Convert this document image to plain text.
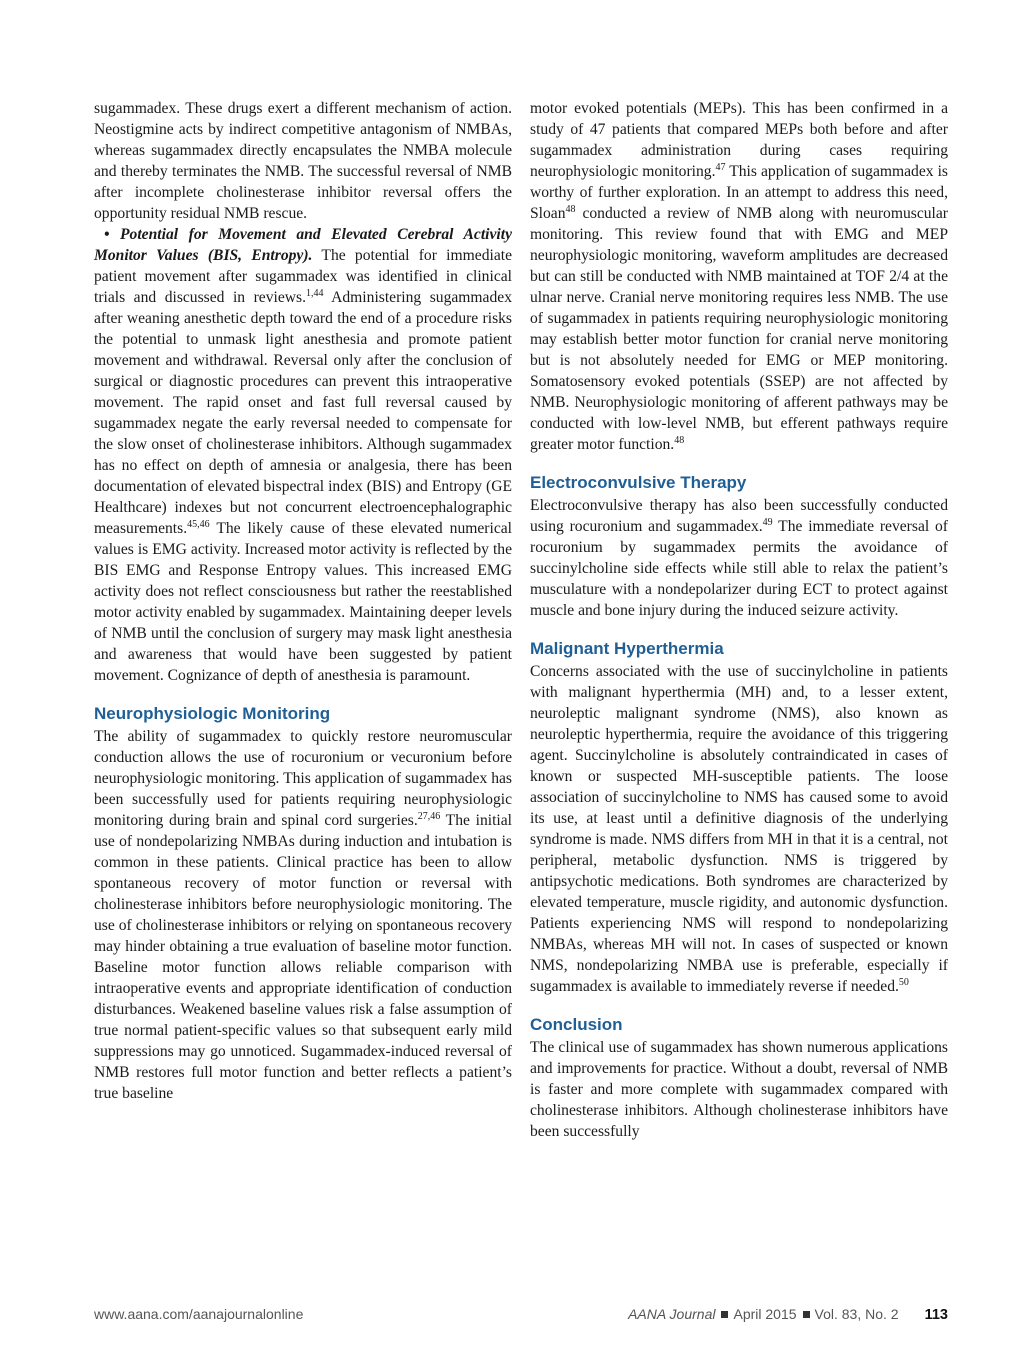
sugammadex. These drugs exert a different mechanism of action. Neostigmine acts by indirect competitive antagonism of NMBAs, whereas sugammadex directly encapsulates the NMBA molecule and thereby terminates the NMB. The successful reversal of NMB after incomplete cholinesterase inhibitor reversal offers the opportunity residual NMB rescue.

• Potential for Movement and Elevated Cerebral Activity Monitor Values (BIS, Entropy). The potential for immediate patient movement after sugammadex was identified in clinical trials and discussed in reviews.$^{1,44}$ Administering sugammadex after weaning anesthetic depth toward the end of a procedure risks the potential to unmask light anesthesia and promote patient movement and withdrawal. Reversal only after the conclusion of surgical or diagnostic procedures can prevent this intraoperative movement. The rapid onset and fast full reversal caused by sugammadex negate the early reversal needed to compensate for the slow onset of cholinesterase inhibitors. Although sugammadex has no effect on depth of amnesia or analgesia, there has been documentation of elevated bispectral index (BIS) and Entropy (GE Healthcare) indexes but not concurrent electroencephalographic measurements.$^{45,46}$ The likely cause of these elevated numerical values is EMG activity. Increased motor activity is reflected by the BIS EMG and Response Entropy values. This increased EMG activity does not reflect consciousness but rather the reestablished motor activity enabled by sugammadex. Maintaining deeper levels of NMB until the conclusion of surgery may mask light anesthesia and awareness that would have been suggested by patient movement. Cognizance of depth of anesthesia is paramount.

Neurophysiologic Monitoring

The ability of sugammadex to quickly restore neuromuscular conduction allows the use of rocuronium or vecuronium before neurophysiologic monitoring. This application of sugammadex has been successfully used for patients requiring neurophysiologic monitoring during brain and spinal cord surgeries.$^{27,46}$ The initial use of nondepolarizing NMBAs during induction and intubation is common in these patients. Clinical practice has been to allow spontaneous recovery of motor function or reversal with cholinesterase inhibitors before neurophysiologic monitoring. The use of cholinesterase inhibitors or relying on spontaneous recovery may hinder obtaining a true evaluation of baseline motor function. Baseline motor function allows reliable comparison with intraoperative events and appropriate identification of conduction disturbances. Weakened baseline values risk a false assumption of true normal patient-specific values so that subsequent early mild suppressions may go unnoticed. Sugammadex-induced reversal of NMB restores full motor function and better reflects a patient’s true baseline

motor evoked potentials (MEPs). This has been confirmed in a study of 47 patients that compared MEPs both before and after sugammadex administration during cases requiring neurophysiologic monitoring.$^{47}$ This application of sugammadex is worthy of further exploration. In an attempt to address this need, Sloan$^{48}$ conducted a review of NMB along with neuromuscular monitoring. This review found that with EMG and MEP neurophysiologic monitoring, waveform amplitudes are decreased but can still be conducted with NMB maintained at TOF 2/4 at the ulnar nerve. Cranial nerve monitoring requires less NMB. The use of sugammadex in patients requiring neurophysiologic monitoring may establish better motor function for cranial nerve monitoring but is not absolutely needed for EMG or MEP monitoring. Somatosensory evoked potentials (SSEP) are not affected by NMB. Neurophysiologic monitoring of afferent pathways may be conducted with low-level NMB, but efferent pathways require greater motor function.$^{48}$

Electroconvulsive Therapy

Electroconvulsive therapy has also been successfully conducted using rocuronium and sugammadex.$^{49}$ The immediate reversal of rocuronium by sugammadex permits the avoidance of succinylcholine side effects while still able to relax the patient’s musculature with a nondepolarizer during ECT to protect against muscle and bone injury during the induced seizure activity.

Malignant Hyperthermia

Concerns associated with the use of succinylcholine in patients with malignant hyperthermia (MH) and, to a lesser extent, neuroleptic malignant syndrome (NMS), also known as neuroleptic hyperthermia, require the avoidance of this triggering agent. Succinylcholine is absolutely contraindicated in cases of known or suspected MH-susceptible patients. The loose association of succinylcholine to NMS has caused some to avoid its use, at least until a definitive diagnosis of the underlying syndrome is made. NMS differs from MH in that it is a central, not peripheral, metabolic dysfunction. NMS is triggered by antipsychotic medications. Both syndromes are characterized by elevated temperature, muscle rigidity, and autonomic dysfunction. Patients experiencing NMS will respond to nondepolarizing NMBAs, whereas MH will not. In cases of suspected or known NMS, nondepolarizing NMBA use is preferable, especially if sugammadex is available to immediately reverse if needed.$^{50}$

Conclusion

The clinical use of sugammadex has shown numerous applications and improvements for practice. Without a doubt, reversal of NMB is faster and more complete with sugammadex compared with cholinesterase inhibitors. Although cholinesterase inhibitors have been successfully

www.aana.com/aanajournalonline	AANA Journal April 2015 Vol. 83, No. 2 113
